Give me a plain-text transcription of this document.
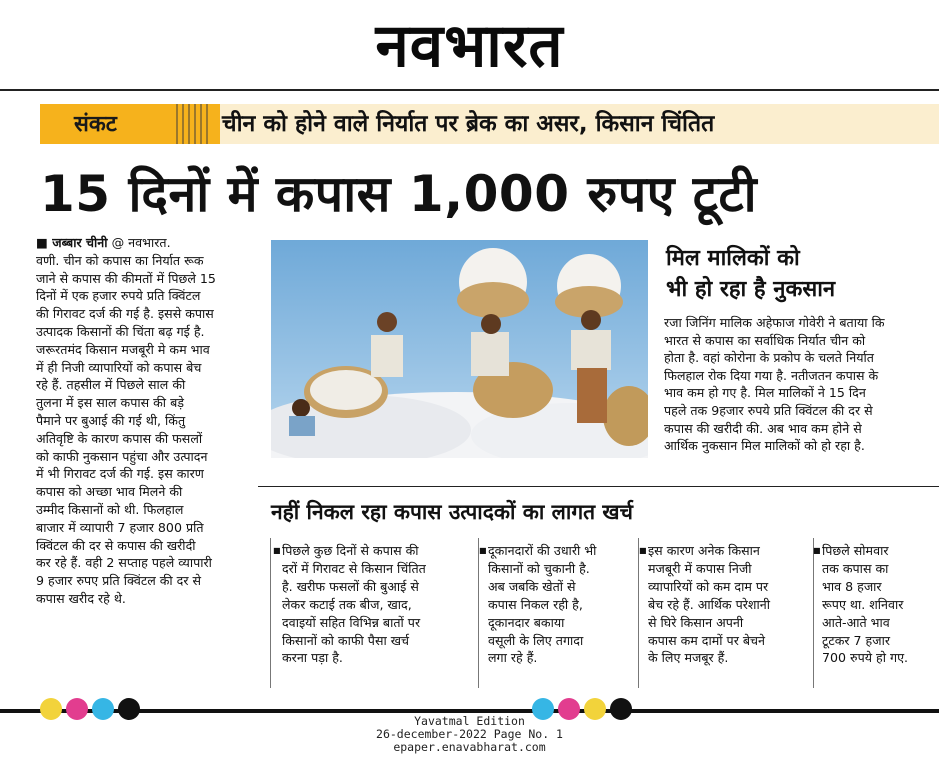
नवभारत
संकट	चीन को होने वाले निर्यात पर ब्रेक का असर, किसान चिंतित
15 दिनों में कपास 1,000 रुपए टूटी
■ जब्बार चीनी @ नवभारत.
वणी. चीन को कपास का निर्यात रूक
जाने से कपास की कीमतों में पिछले 15
दिनों में एक हजार रुपये प्रति क्विंटल
की गिरावट दर्ज की गई है. इससे कपास
उत्पादक किसानों की चिंता बढ़ गई है.
जरूरतमंद किसान मजबूरी मे कम भाव
में ही निजी व्यापारियों को कपास बेच
रहे हैं. तहसील में पिछले साल की
तुलना में इस साल कपास की बड़े
पैमाने पर बुआई की गई थी, किंतु
अतिवृष्टि के कारण कपास की फसलों
को काफी नुकसान पहुंचा और उत्पादन
में भी गिरावट दर्ज की गई. इस कारण
कपास को अच्छा भाव मिलने की
उम्मीद किसानों को थी. फिलहाल
बाजार में व्यापारी 7 हजार 800 प्रति
क्विंटल की दर से कपास की खरीदी
कर रहे हैं. वही 2 सप्ताह पहले व्यापारी
9 हजार रुपए प्रति क्विंटल की दर से
कपास खरीद रहे थे.
मिल मालिकों को
भी हो रहा है नुकसान
रजा जिनिंग मालिक अहेफाज गोवेरी ने बताया कि
भारत से कपास का सर्वाधिक निर्यात चीन को
होता है. वहां कोरोना के प्रकोप के चलते निर्यात
फिलहाल रोक दिया गया है. नतीजतन कपास के
भाव कम हो गए है. मिल मालिकों ने 15 दिन
पहले तक 9हजार रुपये प्रति क्विंटल की दर से
कपास की खरीदी की. अब भाव कम होने से
आर्थिक नुकसान मिल मालिकों को हो रहा है.
नहीं निकल रहा कपास उत्पादकों का लागत खर्च
पिछले कुछ दिनों से कपास की
दरों में गिरावट से किसान चिंतित
है. खरीफ फसलों की बुआई से
लेकर कटाई तक बीज, खाद,
दवाइयों सहित विभिन्न बातों पर
किसानों को काफी पैसा खर्च
करना पड़ा है.
■	दूकानदारों की उधारी भी
किसानों को चुकानी है.
अब जबकि खेतों से
कपास निकल रही है,
दूकानदार बकाया
वसूली के लिए तगादा
लगा रहे हैं.
■	इस कारण अनेक किसान
मजबूरी में कपास निजी
व्यापारियों को कम दाम पर
बेच रहे हैं. आर्थिक परेशानी
से घिरे किसान अपनी
कपास कम दामों पर बेचने
के लिए मजबूर हैं.
■	पिछले सोमवार
तक कपास का
भाव 8 हजार
रूपए था. शनिवार
आते-आते भाव
टूटकर 7 हजार
700 रुपये हो गए.
■
Yavatmal Edition
26-december-2022 Page No. 1
epaper.enavabharat.com
